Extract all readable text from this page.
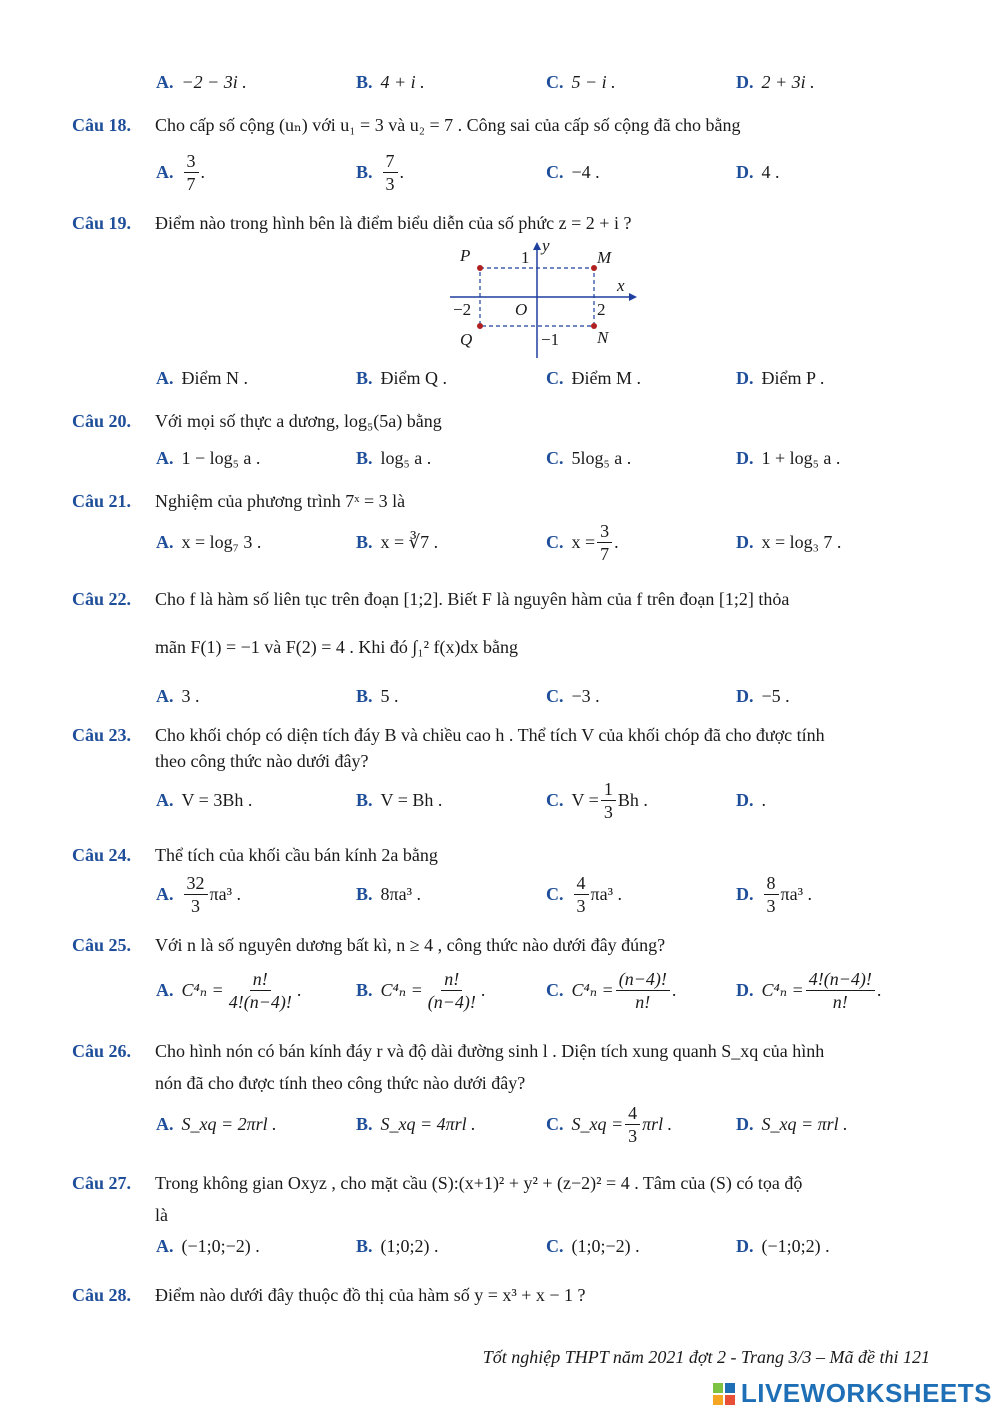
A. −2 − 3i .	B. 4 + i .	C. 5 − i .	D. 2 + 3i .
Câu 18. Cho cấp số cộng (uₙ) với u₁ = 3 và u₂ = 7 . Công sai của cấp số cộng đã cho bằng
A. $\frac{3}{7}$ .	B. $\frac{7}{3}$ .	C. −4 .	D. 4 .
Câu 19. Điểm nào trong hình bên là điểm biểu diễn của số phức z = 2 + i ?
P	1
y
M
x
−2	O	2
Q	−1 N
A. Điểm N .	B. Điểm Q .	C. Điểm M .	D. Điểm P .
Câu 20. Với mọi số thực a dương, log₅(5a) bằng
A. 1 − log₅ a .	B. log₅ a .	C. 5log₅ a .	D. 1 + log₅ a .
Câu 21. Nghiệm của phương trình 7ˣ = 3 là
A. x = log₇ 3 .	B. x = ∛7 .	C. $x = \frac{3}{7}$ .	D. x = log₃ 7 .
Câu 22. Cho f là hàm số liên tục trên đoạn [1;2]. Biết F là nguyên hàm của f trên đoạn [1;2] thỏa
mãn F(1) = −1 và F(2) = 4 . Khi đó ∫₁² f(x)dx bằng
A. 3 .	B. 5 .	C. −3 .	D. −5 .
Câu 23. Cho khối chóp có diện tích đáy B và chiều cao h . Thể tích V của khối chóp đã cho được tính
theo công thức nào dưới đây?
A. V = 3Bh .	B. V = Bh .	C. $V = \frac{1}{3}$ Bh .	D. .
Câu 24. Thể tích của khối cầu bán kính 2a bằng
A. $\frac{32}{3} \pi a^3$ .	B. 8πa³ .	C. $\frac{4}{3} \pi a^3$ .	D. $\frac{8}{3} \pi a^3$ .
Câu 25. Với n là số nguyên dương bất kì, n ≥ 4 , công thức nào dưới đây đúng?
A. $C^4_n = \frac{n!}{4!(n-4)!}$ .	B. $C^4_n = \frac{n!}{(n-4)!}$ .	C. $C^4_n = \frac{(n-4)!}{n!}$ .	D. $C^4_n = \frac{4!(n-4)!}{n!}$ .
Câu 26. Cho hình nón có bán kính đáy r và độ dài đường sinh l . Diện tích xung quanh S_xq của hình
nón đã cho được tính theo công thức nào dưới đây?
A. S_xq = 2πrl .	B. S_xq = 4πrl .	C. S_xq = $\frac{4}{3}$ πrl .	D. S_xq = πrl .
Câu 27. Trong không gian Oxyz , cho mặt cầu (S):(x+1)² + y² + (z−2)² = 4 . Tâm của (S) có tọa độ
là
A. (−1;0;−2) .	B. (1;0;2) .	C. (1;0;−2) .	D. (−1;0;2) .
Câu 28. Điểm nào dưới đây thuộc đồ thị của hàm số y = x³ + x − 1 ?
Tốt nghiệp THPT năm 2021 đợt 2 - Trang 3/3 – Mã đề thi 121
LIVEWORKSHEETS
